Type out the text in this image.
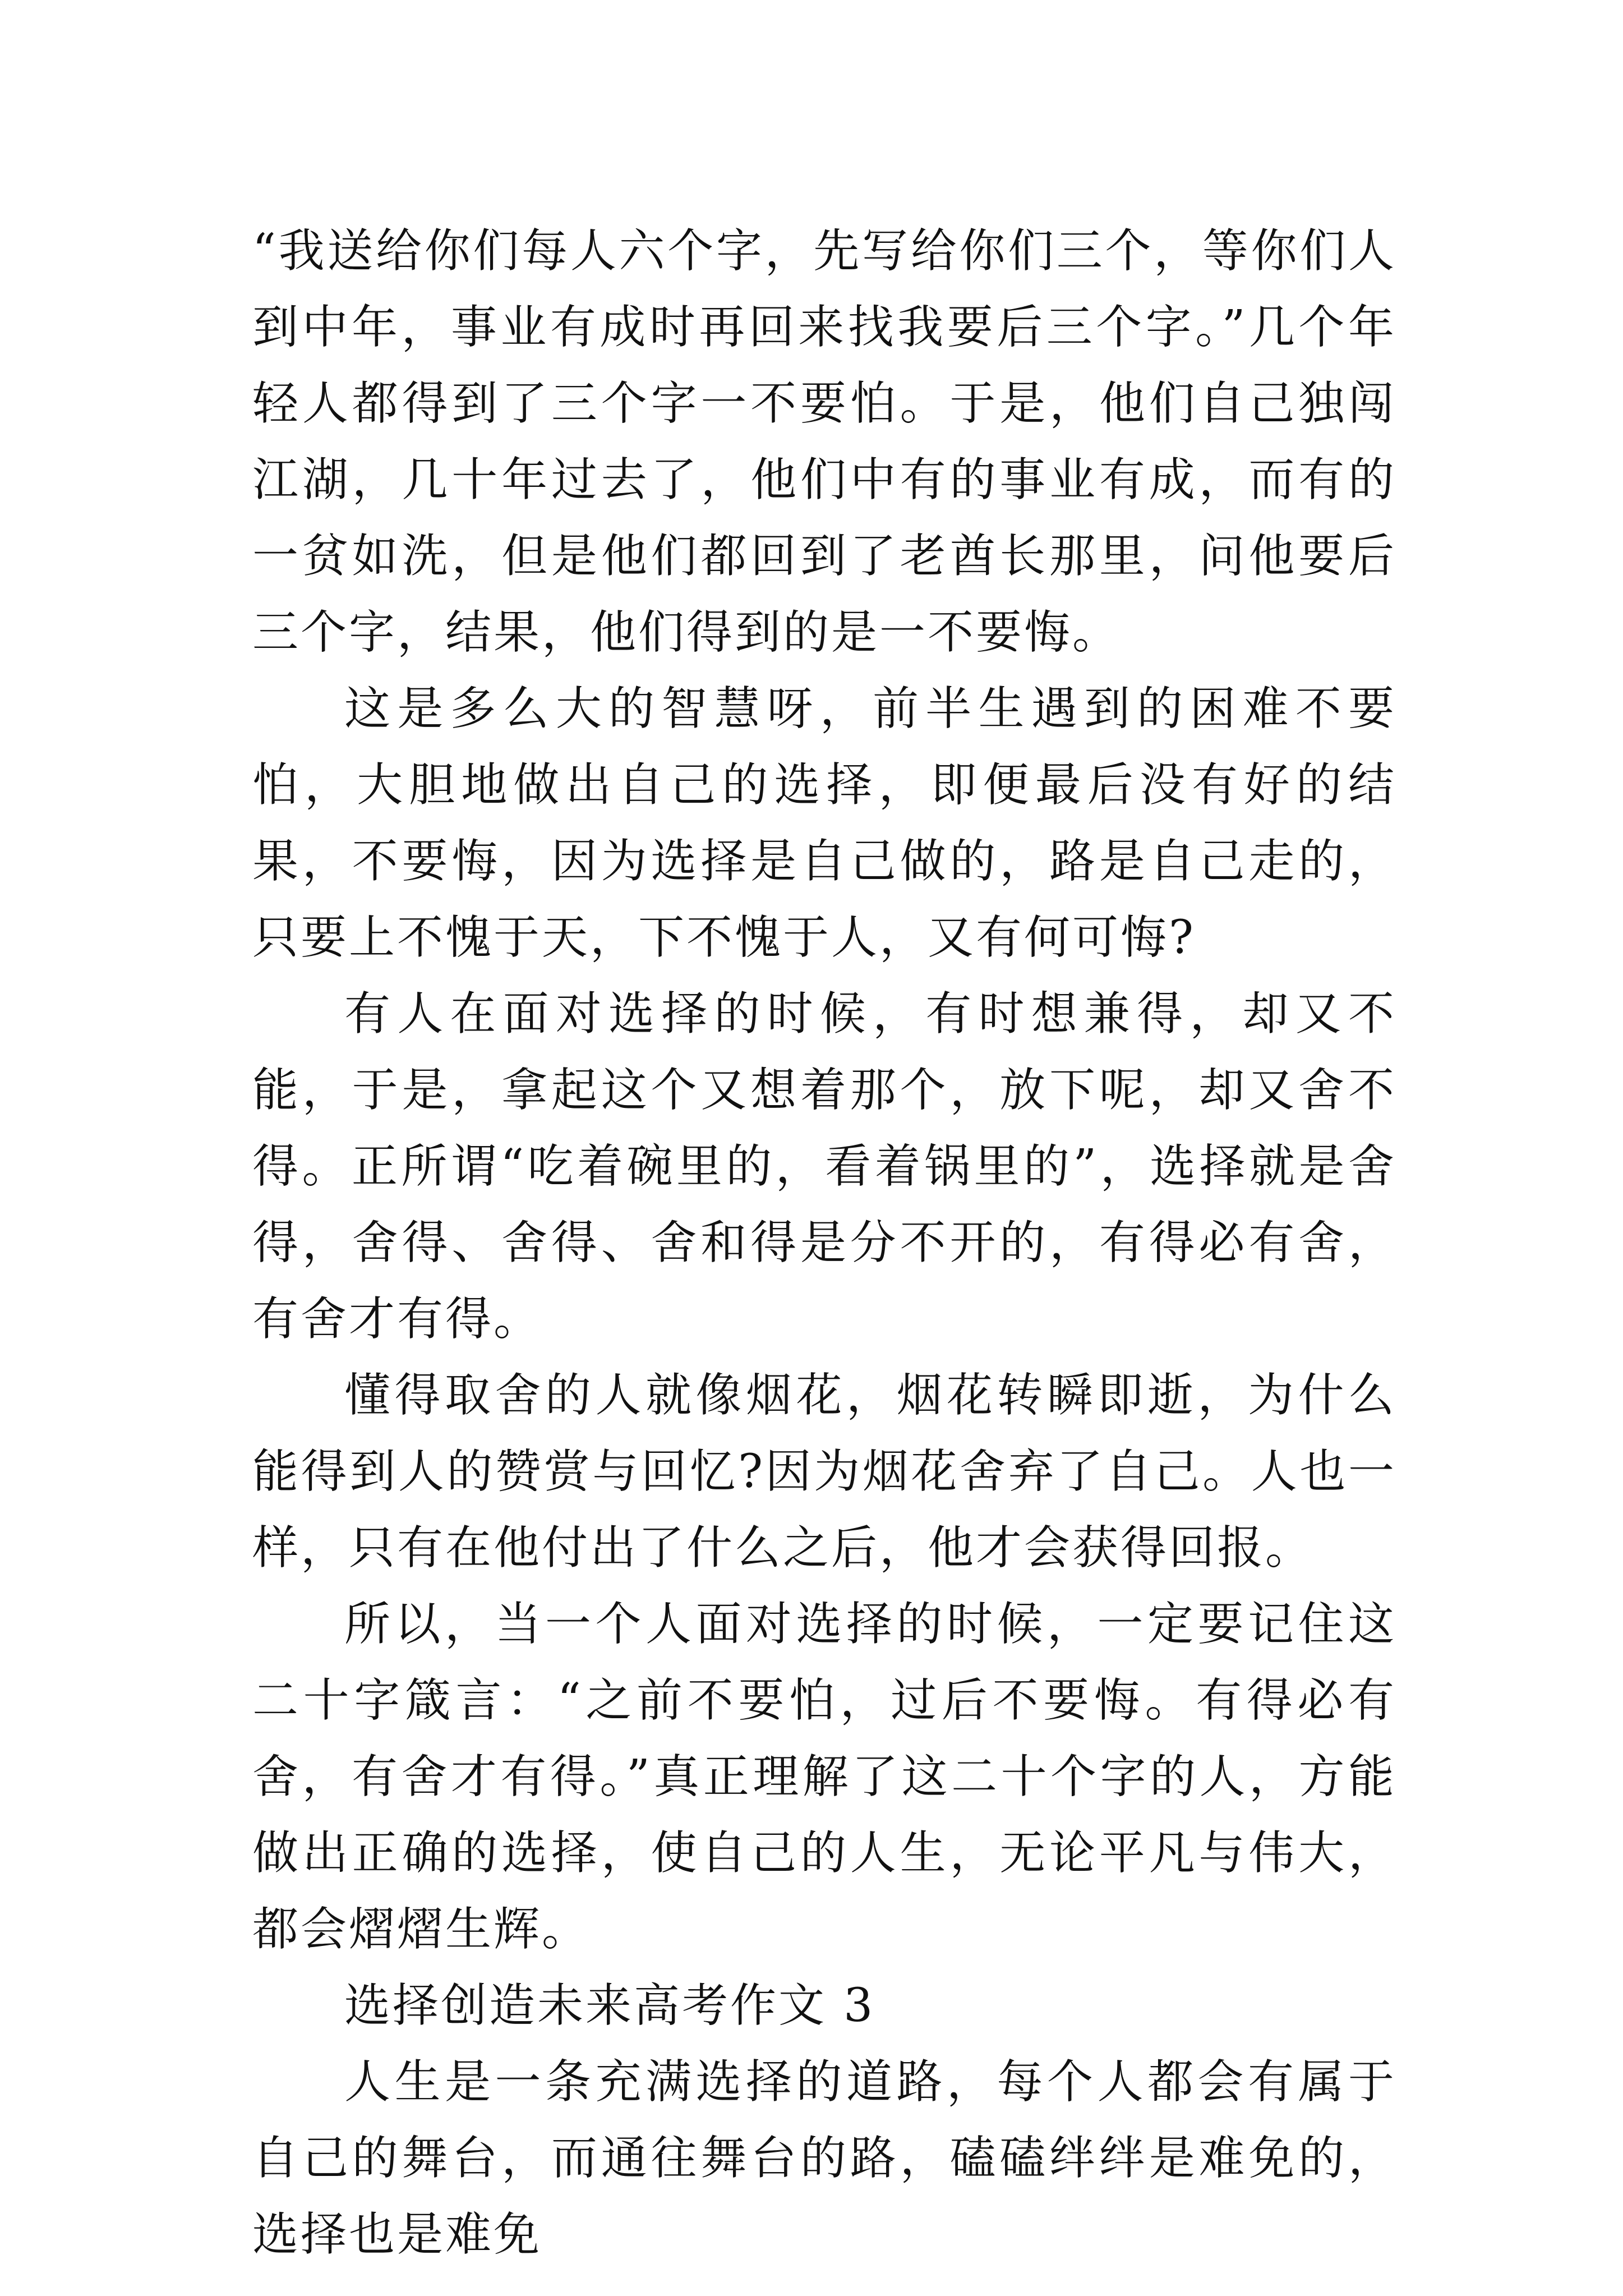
“我送给你们每人六个字，先写给你们三个，等你们人到中年，事业有成时再回来找我要后三个字。”几个年轻人都得到了三个字一不要怕。于是，他们自己独闯江湖，几十年过去了，他们中有的事业有成，而有的一贫如洗，但是他们都回到了老酋长那里，问他要后三个字，结果，他们得到的是一不要悔。

这是多么大的智慧呀，前半生遇到的困难不要怕，大胆地做出自己的选择，即便最后没有好的结果，不要悔，因为选择是自己做的，路是自己走的，只要上不愧于天，下不愧于人，又有何可悔?

有人在面对选择的时候，有时想兼得，却又不能，于是，拿起这个又想着那个，放下呢，却又舍不得。正所谓“吃着碗里的，看着锅里的”，选择就是舍得，舍得、舍得、舍和得是分不开的，有得必有舍，有舍才有得。

懂得取舍的人就像烟花，烟花转瞬即逝，为什么能得到人的赞赏与回忆?因为烟花舍弃了自己。人也一样，只有在他付出了什么之后，他才会获得回报。

所以，当一个人面对选择的时候，一定要记住这二十字箴言：“之前不要怕，过后不要悔。有得必有舍，有舍才有得。”真正理解了这二十个字的人，方能做出正确的选择，使自己的人生，无论平凡与伟大，都会熠熠生辉。

选择创造未来高考作文 3

人生是一条充满选择的道路，每个人都会有属于自己的舞台，而通往舞台的路，磕磕绊绊是难免的，选择也是难免
